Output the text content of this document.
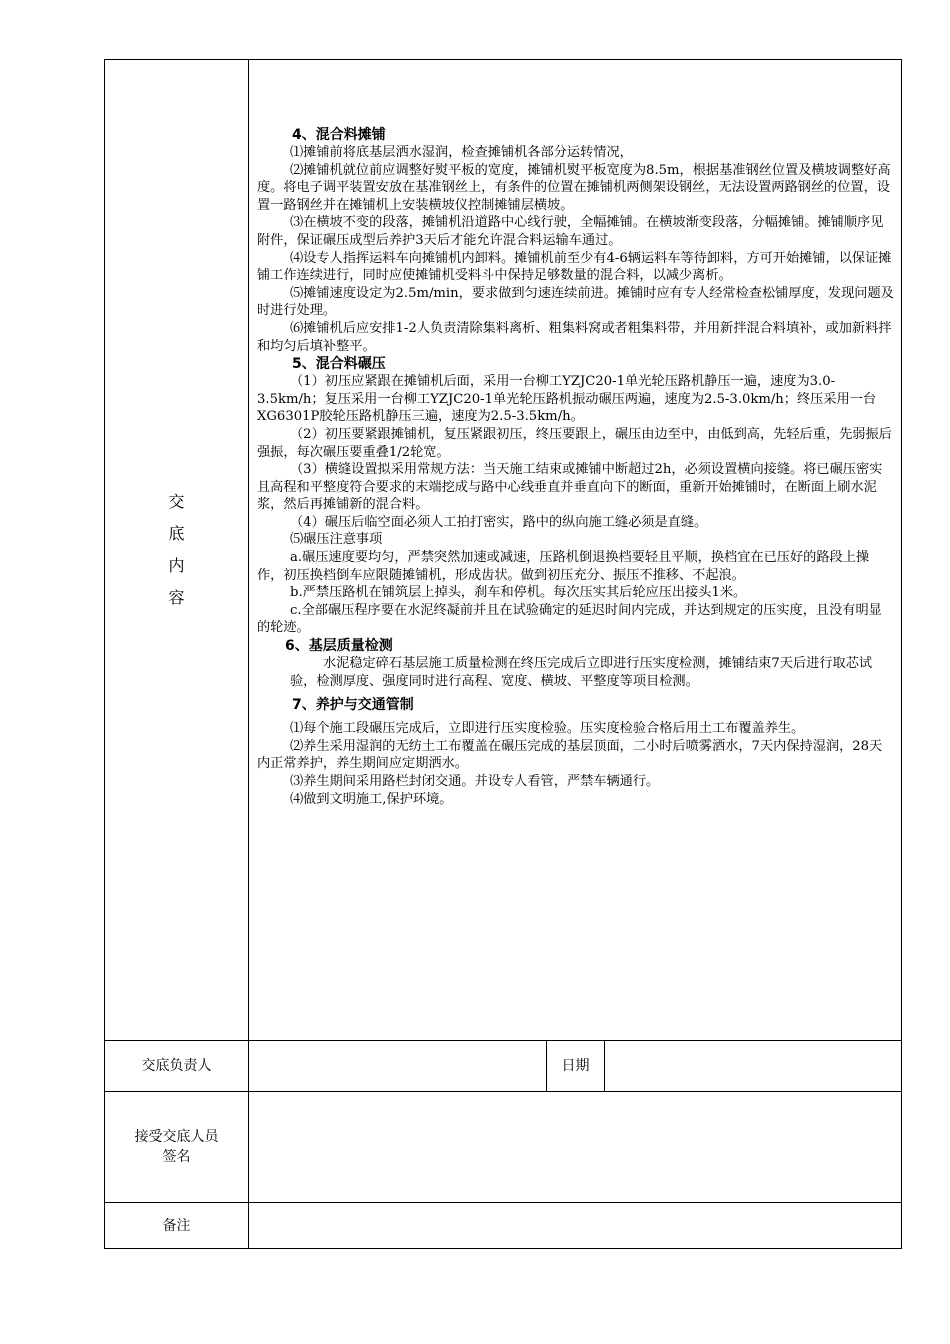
交
底
内
容
4、混合料摊铺

⑴摊铺前将底基层洒水湿润，检查摊铺机各部分运转情况，

⑵摊铺机就位前应调整好熨平板的宽度，摊铺机熨平板宽度为8.5m，根据基准钢丝位置及横坡调整好高度。将电子调平装置安放在基准钢丝上，有条件的位置在摊铺机两侧架设钢丝，无法设置两路钢丝的位置，设置一路钢丝并在摊铺机上安装横坡仪控制摊铺层横坡。

⑶在横坡不变的段落，摊铺机沿道路中心线行驶，全幅摊铺。在横坡渐变段落，分幅摊铺。摊铺顺序见附件，保证碾压成型后养护3天后才能允许混合料运输车通过。

⑷设专人指挥运料车向摊铺机内卸料。摊铺机前至少有4-6辆运料车等待卸料，方可开始摊铺，以保证摊铺工作连续进行，同时应使摊铺机受料斗中保持足够数量的混合料，以减少离析。

⑸摊铺速度设定为2.5m/min，要求做到匀速连续前进。摊铺时应有专人经常检查松铺厚度，发现问题及时进行处理。

⑹摊铺机后应安排1-2人负责清除集料离析、粗集料窝或者粗集料带，并用新拌混合料填补，或加新料拌和均匀后填补整平。

5、混合料碾压

（1）初压应紧跟在摊铺机后面，采用一台柳工YZJC20-1单光轮压路机静压一遍，速度为3.0-3.5km/h；复压采用一台柳工YZJC20-1单光轮压路机振动碾压两遍，速度为2.5-3.0km/h；终压采用一台XG6301P胶轮压路机静压三遍，速度为2.5-3.5km/h。

（2）初压要紧跟摊铺机，复压紧跟初压，终压要跟上，碾压由边至中，由低到高，先轻后重，先弱振后强振，每次碾压要重叠1/2轮宽。

（3）横缝设置拟采用常规方法：当天施工结束或摊铺中断超过2h，必须设置横向接缝。将已碾压密实且高程和平整度符合要求的末端挖成与路中心线垂直并垂直向下的断面，重新开始摊铺时，在断面上刷水泥浆，然后再摊铺新的混合料。

（4）碾压后临空面必须人工拍打密实，路中的纵向施工缝必须是直缝。

⑸碾压注意事项

a.碾压速度要均匀，严禁突然加速或减速，压路机倒退换档要轻且平顺，换档宜在已压好的路段上操作，初压换档倒车应限随摊铺机，形成齿状。做到初压充分、振压不推移、不起浪。

b.严禁压路机在铺筑层上掉头，刹车和停机。每次压实其后轮应压出接头1米。

c.全部碾压程序要在水泥终凝前并且在试验确定的延迟时间内完成，并达到规定的压实度，且没有明显的轮迹。

6、基层质量检测

水泥稳定碎石基层施工质量检测在终压完成后立即进行压实度检测，摊铺结束7天后进行取芯试验，检测厚度、强度同时进行高程、宽度、横坡、平整度等项目检测。

7、养护与交通管制

⑴每个施工段碾压完成后，立即进行压实度检验。压实度检验合格后用土工布覆盖养生。

⑵养生采用湿润的无纺土工布覆盖在碾压完成的基层顶面，二小时后喷雾洒水，7天内保持湿润，28天内正常养护，养生期间应定期洒水。

⑶养生期间采用路栏封闭交通。并设专人看管，严禁车辆通行。

⑷做到文明施工,保护环境。

交底负责人	日期
接受交底人员
签名
备注
